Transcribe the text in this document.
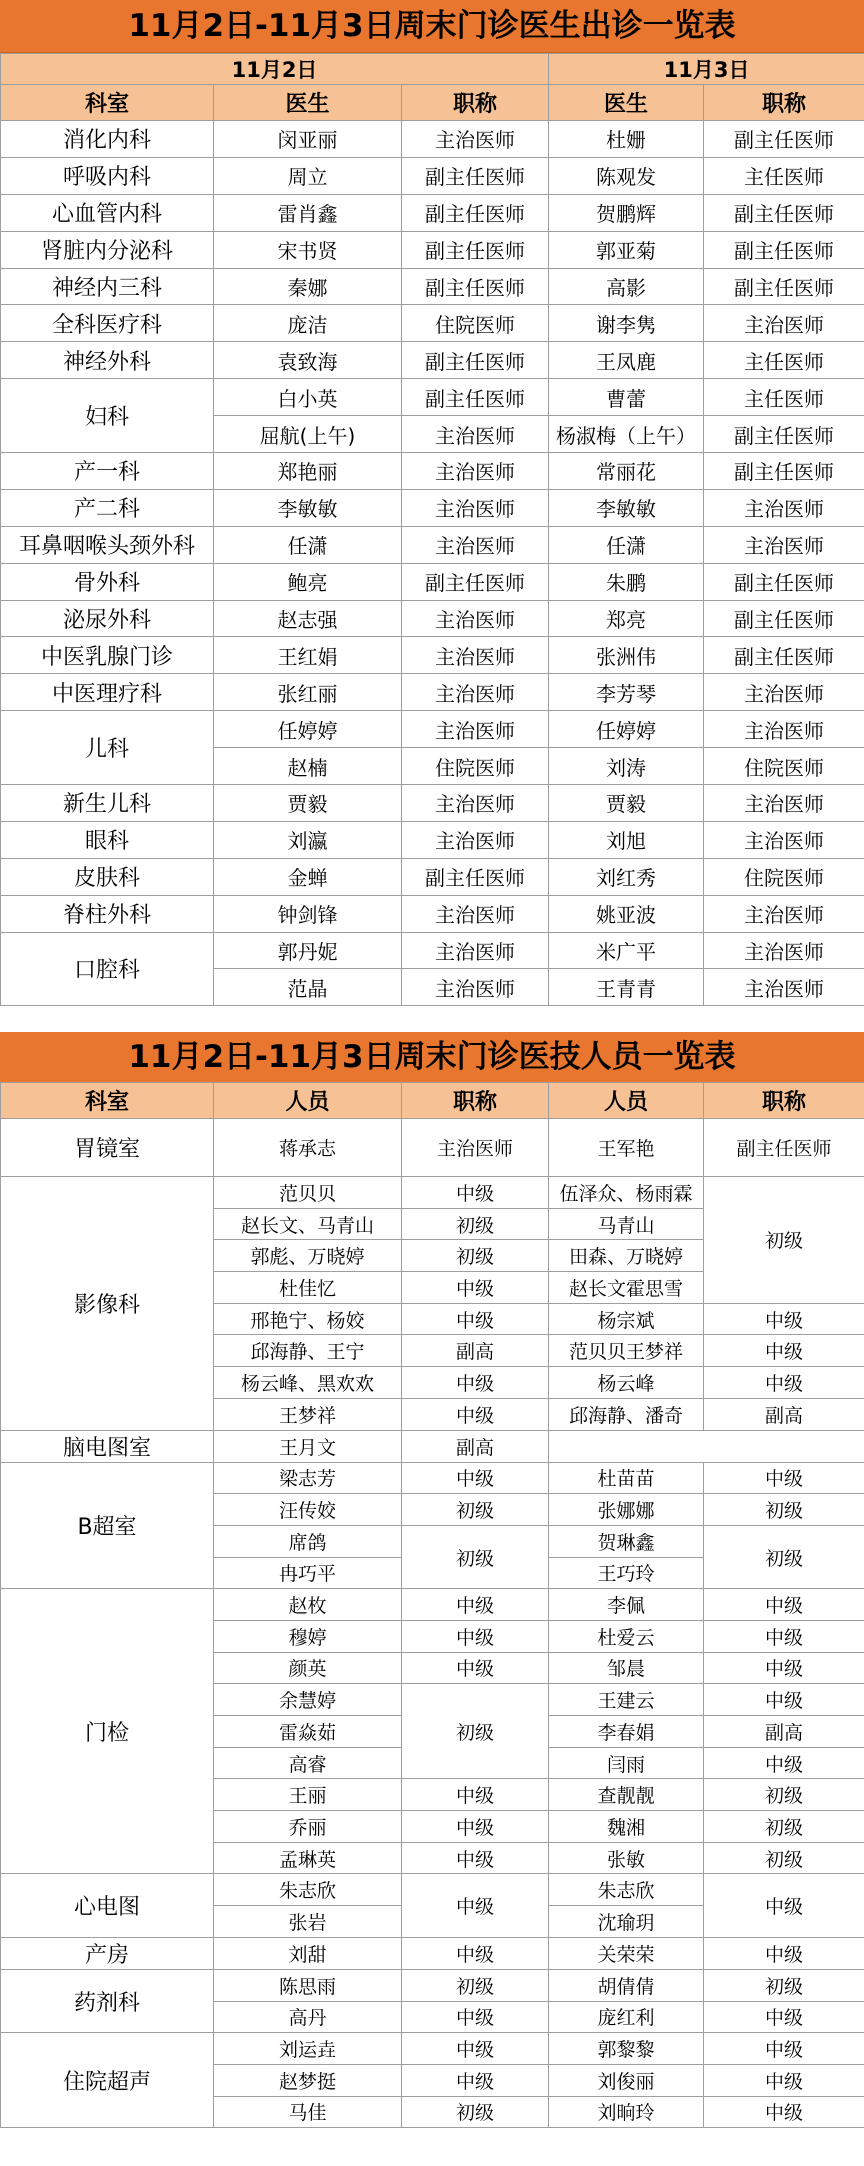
11月2日-11月3日周末门诊医生出诊一览表
11月2日			11月3日	
科室	医生	职称	医生	职称
消化内科	闵亚丽	主治医师	杜姗	副主任医师
呼吸内科	周立	副主任医师	陈观发	主任医师
心血管内科	雷肖鑫	副主任医师	贺鹏辉	副主任医师
肾脏内分泌科	宋书贤	副主任医师	郭亚菊	副主任医师
神经内三科	秦娜	副主任医师	高影	副主任医师
全科医疗科	庞洁	住院医师	谢李隽	主治医师
神经外科	袁致海	副主任医师	王凤鹿	主任医师
妇科	白小英	副主任医师	曹蕾	主任医师
	屈航(上午)	主治医师	杨淑梅（上午）	副主任医师
产一科	郑艳丽	主治医师	常丽花	副主任医师
产二科	李敏敏	主治医师	李敏敏	主治医师
耳鼻咽喉头颈外科	任潇	主治医师	任潇	主治医师
骨外科	鲍亮	副主任医师	朱鹏	副主任医师
泌尿外科	赵志强	主治医师	郑亮	副主任医师
中医乳腺门诊	王红娟	主治医师	张洲伟	副主任医师
中医理疗科	张红丽	主治医师	李芳琴	主治医师
儿科	任婷婷	主治医师	任婷婷	主治医师
	赵楠	住院医师	刘涛	住院医师
新生儿科	贾毅	主治医师	贾毅	主治医师
眼科	刘瀛	主治医师	刘旭	主治医师
皮肤科	金蝉	副主任医师	刘红秀	住院医师
脊柱外科	钟剑锋	主治医师	姚亚波	主治医师
口腔科	郭丹妮	主治医师	米广平	主治医师
	范晶	主治医师	王青青	主治医师
11月2日-11月3日周末门诊医技人员一览表
科室	人员	职称	人员	职称
胃镜室	蒋承志	主治医师	王军艳	副主任医师
影像科	范贝贝	中级	伍泽众、杨雨霖	初级
	赵长文、马青山	初级	马青山	
	郭彪、万晓婷	初级	田森、万晓婷	
	杜佳忆	中级	赵长文霍思雪	
	邢艳宁、杨姣	中级	杨宗斌	中级
	邱海静、王宁	副高	范贝贝王梦祥	中级
	杨云峰、黑欢欢	中级	杨云峰	中级
	王梦祥	中级	邱海静、潘奇	副高
脑电图室	王月文	副高		
B超室	梁志芳	中级	杜苗苗	中级
	汪传姣	初级	张娜娜	初级
	席鸽	初级	贺琳鑫	初级
	冉巧平		王巧玲	
门检	赵枚	中级	李佩	中级
	穆婷	中级	杜爱云	中级
	颜英	中级	邹晨	中级
	余慧婷	初级	王建云	中级
	雷焱茹		李春娟	副高
	高睿		闫雨	中级
	王丽	中级	查靓靓	初级
	乔丽	中级	魏湘	初级
	孟琳英	中级	张敏	初级
心电图	朱志欣	中级	朱志欣	中级
	张岩		沈瑜玥	
产房	刘甜	中级	关荣荣	中级
药剂科	陈思雨	初级	胡倩倩	初级
	高丹	中级	庞红利	中级
住院超声	刘运垚	中级	郭黎黎	中级
	赵梦挺	中级	刘俊丽	中级
	马佳	初级	刘晌玲	中级
